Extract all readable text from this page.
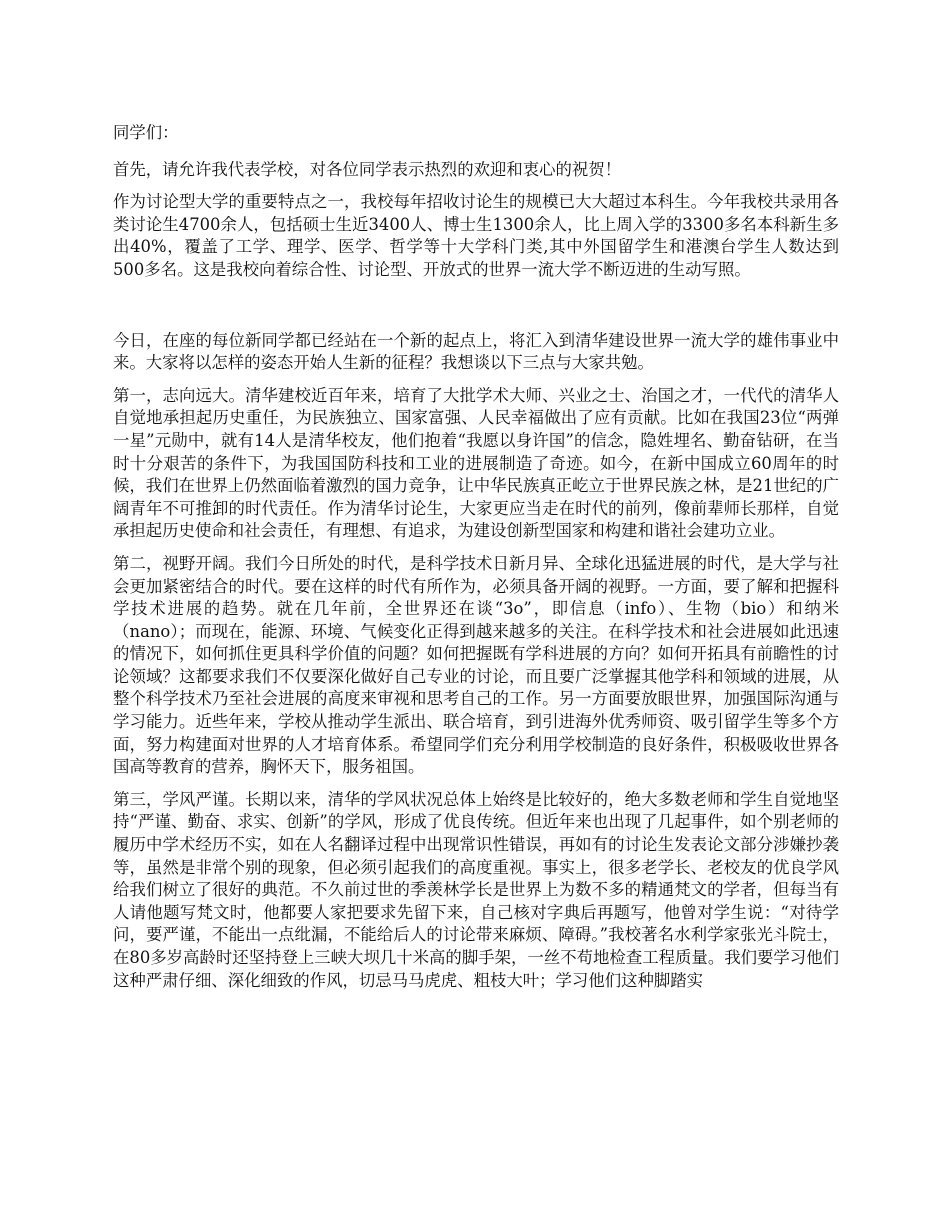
同学们：

首先，请允许我代表学校，对各位同学表示热烈的欢迎和衷心的祝贺！

作为讨论型大学的重要特点之一，我校每年招收讨论生的规模已大大超过本科生。今年我校共录用各类讨论生4700余人，包括硕士生近3400人、博士生1300余人，比上周入学的3300多名本科新生多出40%，覆盖了工学、理学、医学、哲学等十大学科门类,其中外国留学生和港澳台学生人数达到500多名。这是我校向着综合性、讨论型、开放式的世界一流大学不断迈进的生动写照。

今日，在座的每位新同学都已经站在一个新的起点上，将汇入到清华建设世界一流大学的雄伟事业中来。大家将以怎样的姿态开始人生新的征程？我想谈以下三点与大家共勉。

第一，志向远大。清华建校近百年来，培育了大批学术大师、兴业之士、治国之才，一代代的清华人自觉地承担起历史重任，为民族独立、国家富强、人民幸福做出了应有贡献。比如在我国23位“两弹一星”元勋中，就有14人是清华校友，他们抱着“我愿以身许国”的信念，隐姓埋名、勤奋钻研，在当时十分艰苦的条件下，为我国国防科技和工业的进展制造了奇迹。如今，在新中国成立60周年的时候，我们在世界上仍然面临着激烈的国力竞争，让中华民族真正屹立于世界民族之林，是21世纪的广阔青年不可推卸的时代责任。作为清华讨论生，大家更应当走在时代的前列，像前辈师长那样，自觉承担起历史使命和社会责任，有理想、有追求，为建设创新型国家和构建和谐社会建功立业。

第二，视野开阔。我们今日所处的时代，是科学技术日新月异、全球化迅猛进展的时代，是大学与社会更加紧密结合的时代。要在这样的时代有所作为，必须具备开阔的视野。一方面，要了解和把握科学技术进展的趋势。就在几年前，全世界还在谈“3o”，即信息（info）、生物（bio）和纳米（nano）；而现在，能源、环境、气候变化正得到越来越多的关注。在科学技术和社会进展如此迅速的情况下，如何抓住更具科学价值的问题？如何把握既有学科进展的方向？如何开拓具有前瞻性的讨论领域？这都要求我们不仅要深化做好自己专业的讨论，而且要广泛掌握其他学科和领域的进展，从整个科学技术乃至社会进展的高度来审视和思考自己的工作。另一方面要放眼世界，加强国际沟通与学习能力。近些年来，学校从推动学生派出、联合培育，到引进海外优秀师资、吸引留学生等多个方面，努力构建面对世界的人才培育体系。希望同学们充分利用学校制造的良好条件，积极吸收世界各国高等教育的营养，胸怀天下，服务祖国。

第三，学风严谨。长期以来，清华的学风状况总体上始终是比较好的，绝大多数老师和学生自觉地坚持“严谨、勤奋、求实、创新”的学风，形成了优良传统。但近年来也出现了几起事件，如个别老师的履历中学术经历不实，如在人名翻译过程中出现常识性错误，再如有的讨论生发表论文部分涉嫌抄袭等，虽然是非常个别的现象，但必须引起我们的高度重视。事实上，很多老学长、老校友的优良学风给我们树立了很好的典范。不久前过世的季羡林学长是世界上为数不多的精通梵文的学者，但每当有人请他题写梵文时，他都要人家把要求先留下来，自己核对字典后再题写，他曾对学生说：“对待学问，要严谨，不能出一点纰漏，不能给后人的讨论带来麻烦、障碍。”我校著名水利学家张光斗院士，在80多岁高龄时还坚持登上三峡大坝几十米高的脚手架，一丝不苟地检查工程质量。我们要学习他们这种严肃仔细、深化细致的作风，切忌马马虎虎、粗枝大叶；学习他们这种脚踏实
